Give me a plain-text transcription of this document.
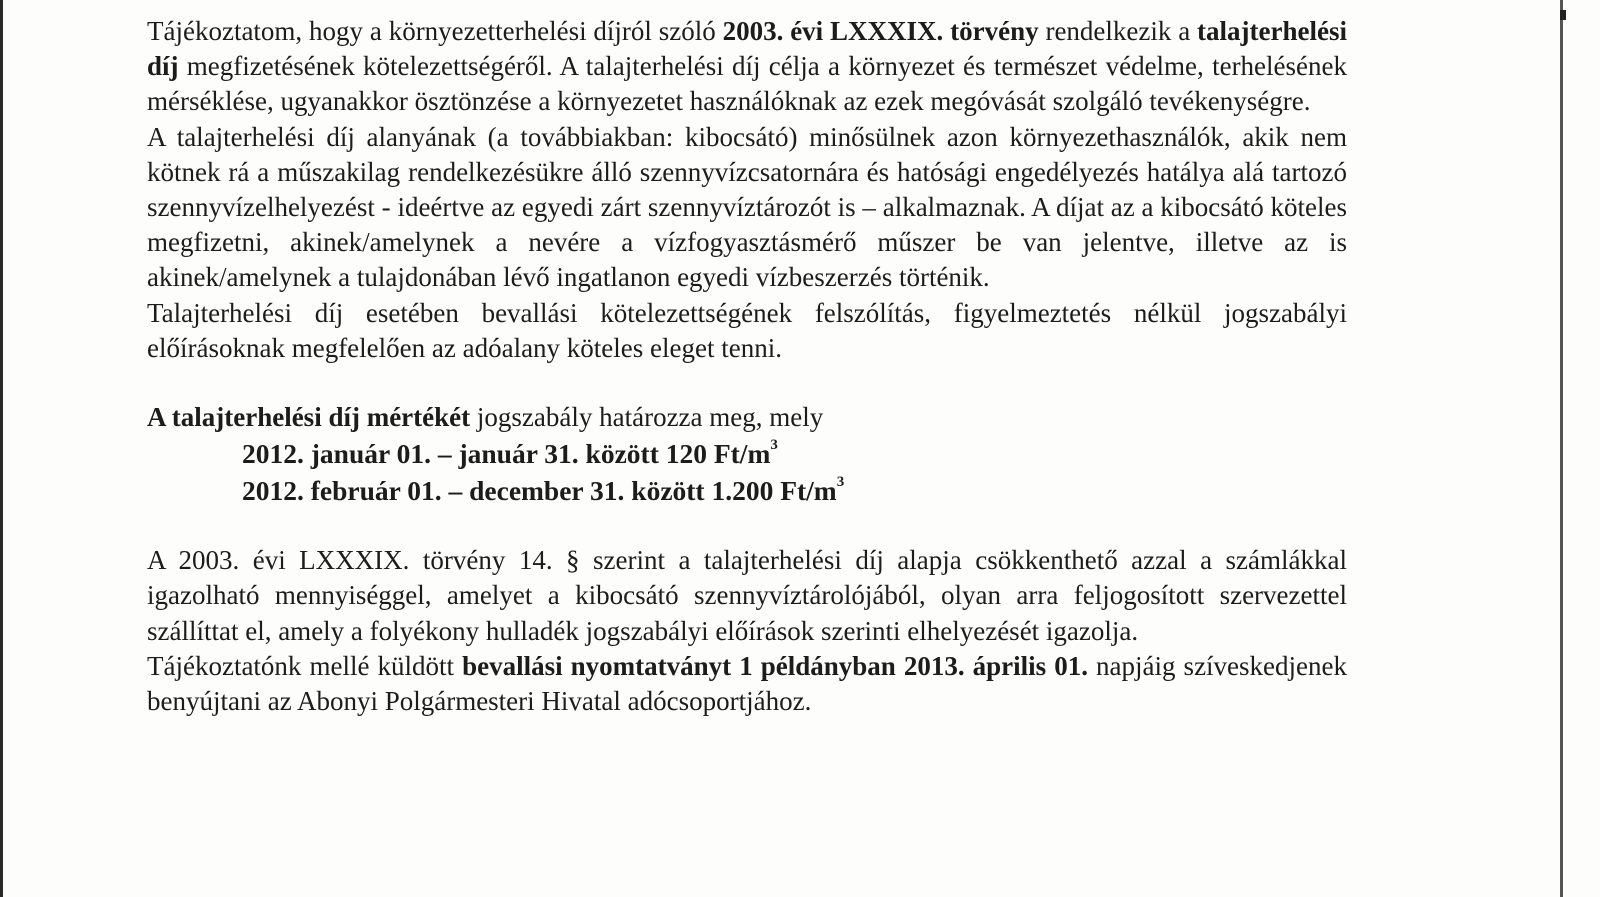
Tájékoztatom, hogy a környezetterhelési díjról szóló 2003. évi LXXXIX. törvény rendelkezik a talajterhelési díj megfizetésének kötelezettségéről. A talajterhelési díj célja a környezet és természet védelme, terhelésének mérséklése, ugyanakkor ösztönzése a környezetet használóknak az ezek megóvását szolgáló tevékenységre.

A talajterhelési díj alanyának (a továbbiakban: kibocsátó) minősülnek azon környezethasználók, akik nem kötnek rá a műszakilag rendelkezésükre álló szennyvízcsatornára és hatósági engedélyezés hatálya alá tartozó szennyvízelhelyezést - ideértve az egyedi zárt szennyvíztározót is – alkalmaznak. A díjat az a kibocsátó köteles megfizetni, akinek/amelynek a nevére a vízfogyasztásmérő műszer be van jelentve, illetve az is akinek/amelynek a tulajdonában lévő ingatlanon egyedi vízbeszerzés történik.

Talajterhelési díj esetében bevallási kötelezettségének felszólítás, figyelmeztetés nélkül jogszabályi előírásoknak megfelelően az adóalany köteles eleget tenni.

A talajterhelési díj mértékét jogszabály határozza meg, mely

2012. január 01. – január 31. között 120 $Ft/m^3$
2012. február 01. – december 31. között 1.200 $Ft/m^3$

A 2003. évi LXXXIX. törvény 14. § szerint a talajterhelési díj alapja csökkenthető azzal a számlákkal igazolható mennyiséggel, amelyet a kibocsátó szennyvíztárolójából, olyan arra feljogosított szervezettel szállíttat el, amely a folyékony hulladék jogszabályi előírások szerinti elhelyezését igazolja.

Tájékoztatónk mellé küldött bevallási nyomtatványt 1 példányban 2013. április 01. napjáig szíveskedjenek benyújtani az Abonyi Polgármesteri Hivatal adócsoportjához.
